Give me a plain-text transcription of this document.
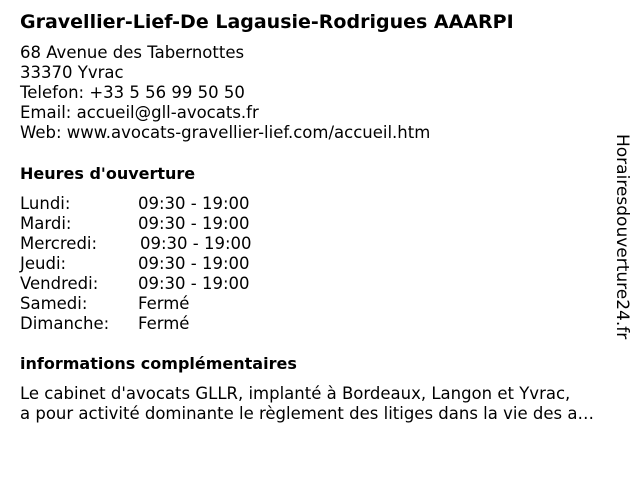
Gravellier-Lief-De Lagausie-Rodrigues AAARPI
68 Avenue des Tabernottes
33370 Yvrac
Telefon: +33 5 56 99 50 50
Email: accueil@gll-avocats.fr
Web: www.avocats-gravellier-lief.com/accueil.htm
Heures d'ouverture
Lundi:	09:30 - 19:00
Mardi:	09:30 - 19:00
Mercredi:	09:30 - 19:00
Jeudi:	09:30 - 19:00
Vendredi: 09:30 - 19:00
Samedi:	Fermé
Dimanche: Fermé
informations complémentaires
Le cabinet d'avocats GLLR, implanté à Bordeaux, Langon et Yvrac,
a pour activité dominante le règlement des litiges dans la vie des a…
Horairesdouverture24.fr
